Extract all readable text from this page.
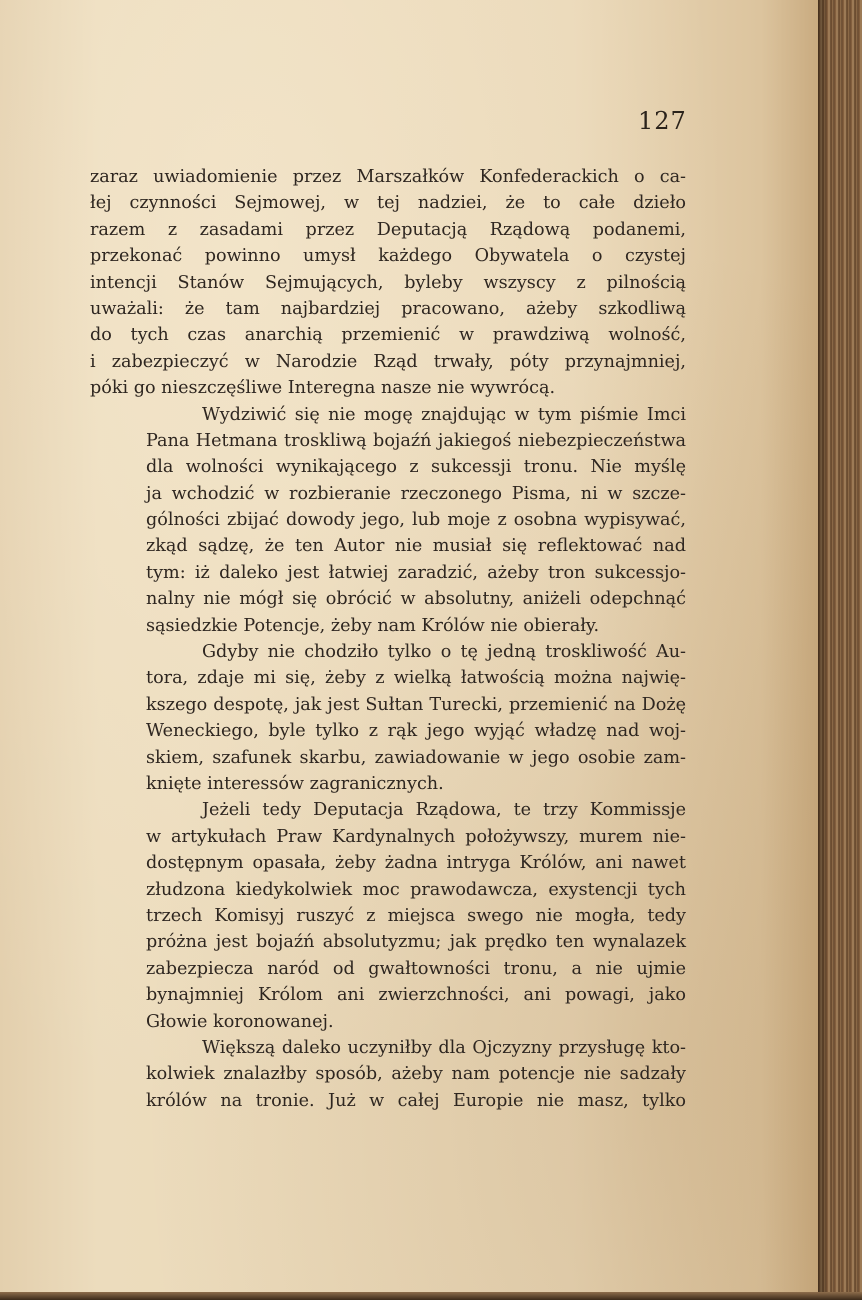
127
zaraz uwiadomienie przez Marszałków Konfederackich o ca-
łej czynności Sejmowej, w tej nadziei, że to całe dzieło
razem z zasadami przez Deputacją Rządową podanemi,
przekonać powinno umysł każdego Obywatela o czystej
intencji Stanów Sejmujących, byleby wszyscy z pilnością
uważali: że tam najbardziej pracowano, ażeby szkodliwą
do tych czas anarchią przemienić w prawdziwą wolność,
i zabezpieczyć w Narodzie Rząd trwały, póty przynajmniej,
póki go nieszczęśliwe Interegna nasze nie wywrócą.
Wydziwić się nie mogę znajdując w tym piśmie Imci
Pana Hetmana troskliwą bojaźń jakiegoś niebezpieczeństwa
dla wolności wynikającego z sukcessji tronu. Nie myślę
ja wchodzić w rozbieranie rzeczonego Pisma, ni w szcze-
gólności zbijać dowody jego, lub moje z osobna wypisywać,
zkąd sądzę, że ten Autor nie musiał się reflektować nad
tym: iż daleko jest łatwiej zaradzić, ażeby tron sukcessjo-
nalny nie mógł się obrócić w absolutny, aniżeli odepchnąć
sąsiedzkie Potencje, żeby nam Królów nie obierały.
Gdyby nie chodziło tylko o tę jedną troskliwość Au-
tora, zdaje mi się, żeby z wielką łatwością można najwię-
kszego despotę, jak jest Sułtan Turecki, przemienić na Dożę
Weneckiego, byle tylko z rąk jego wyjąć władzę nad woj-
skiem, szafunek skarbu, zawiadowanie w jego osobie zam-
knięte interessów zagranicznych.
Jeżeli tedy Deputacja Rządowa, te trzy Kommissje
w artykułach Praw Kardynalnych położywszy, murem nie-
dostępnym opasała, żeby żadna intryga Królów, ani nawet
złudzona kiedykolwiek moc prawodawcza, exystencji tych
trzech Komisyj ruszyć z miejsca swego nie mogła, tedy
próżna jest bojaźń absolutyzmu; jak prędko ten wynalazek
zabezpiecza naród od gwałtowności tronu, a nie ujmie
bynajmniej Królom ani zwierzchności, ani powagi, jako
Głowie koronowanej.
Większą daleko uczyniłby dla Ojczyzny przysługę kto-
kolwiek znalazłby sposób, ażeby nam potencje nie sadzały
królów na tronie. Już w całej Europie nie masz, tylko
